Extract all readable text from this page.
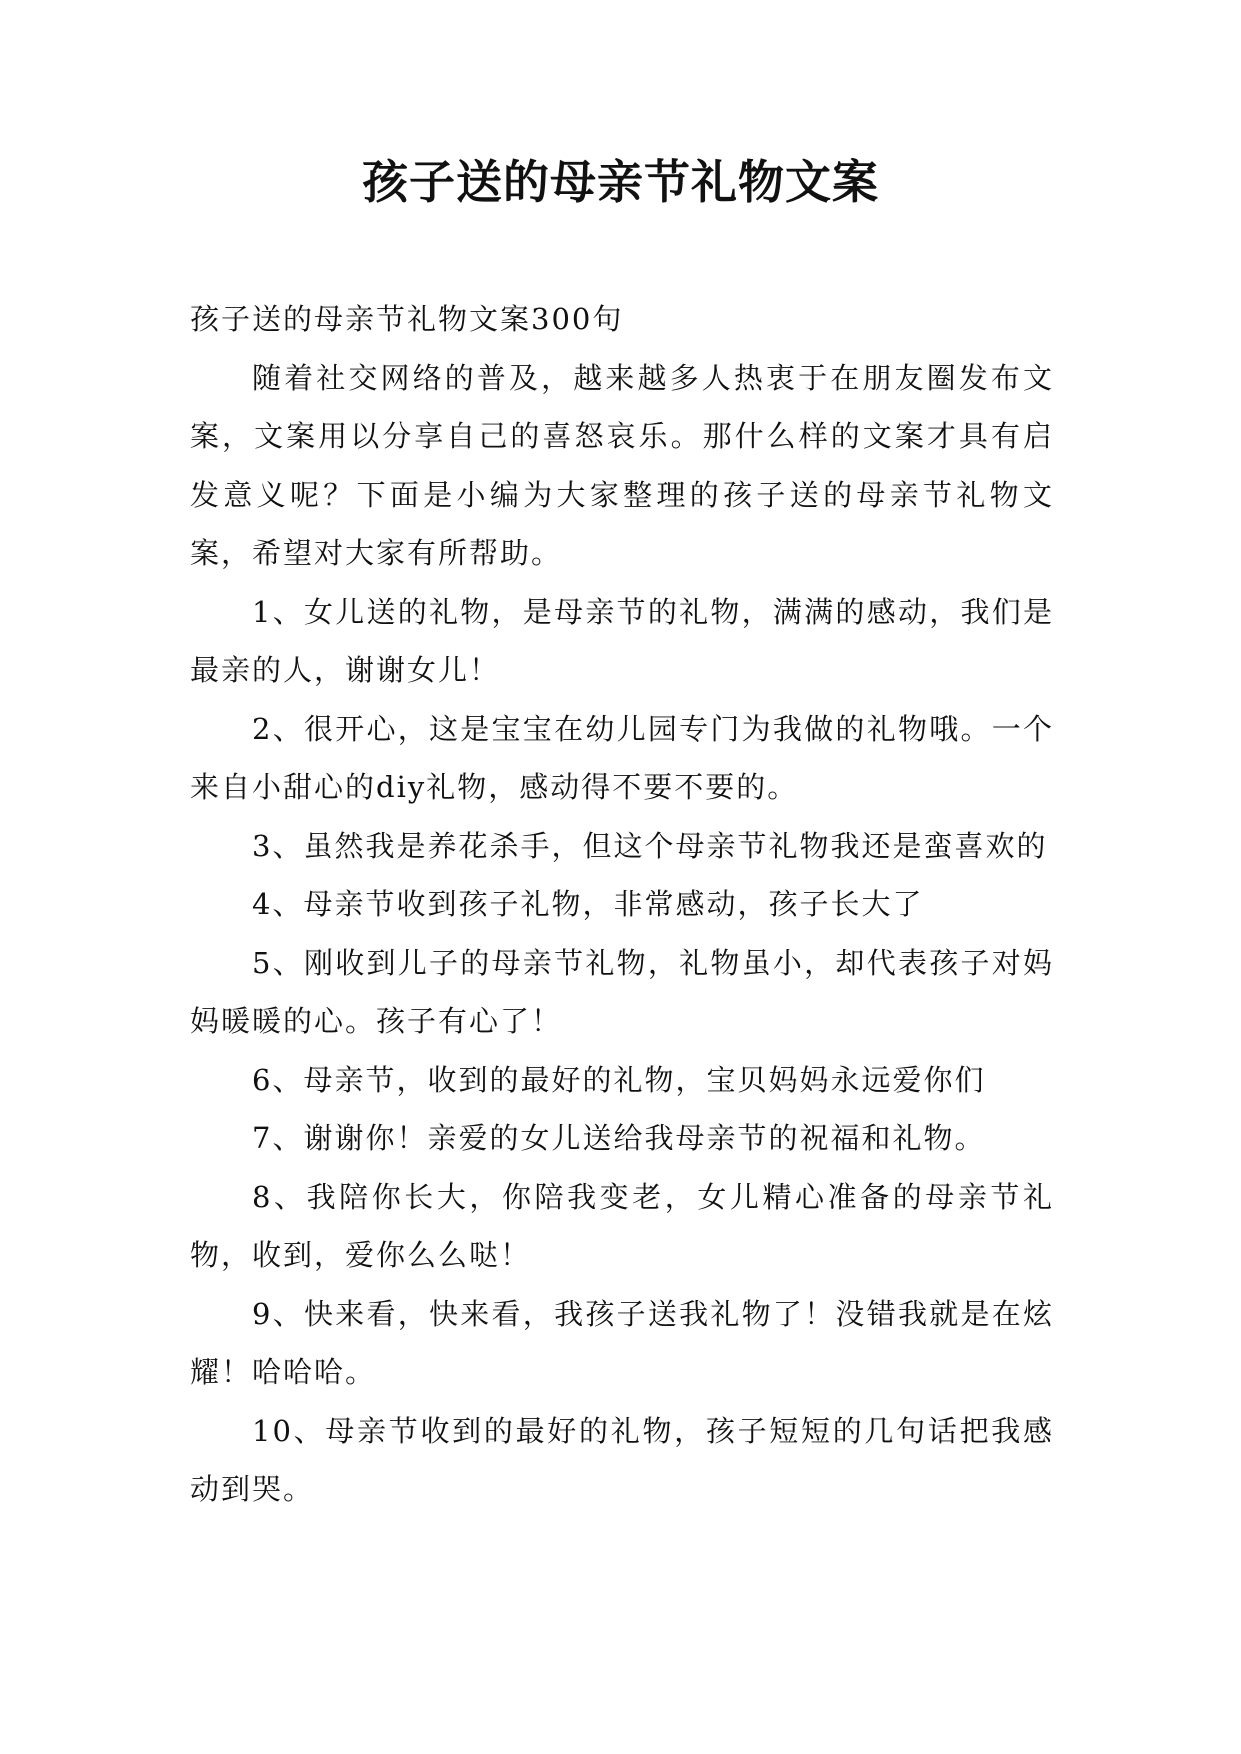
孩子送的母亲节礼物文案

孩子送的母亲节礼物文案300句

随着社交网络的普及，越来越多人热衷于在朋友圈发布文案，文案用以分享自己的喜怒哀乐。那什么样的文案才具有启发意义呢？下面是小编为大家整理的孩子送的母亲节礼物文案，希望对大家有所帮助。

1、女儿送的礼物，是母亲节的礼物，满满的感动，我们是最亲的人，谢谢女儿！

2、很开心，这是宝宝在幼儿园专门为我做的礼物哦。一个来自小甜心的diy礼物，感动得不要不要的。

3、虽然我是养花杀手，但这个母亲节礼物我还是蛮喜欢的

4、母亲节收到孩子礼物，非常感动，孩子长大了

5、刚收到儿子的母亲节礼物，礼物虽小，却代表孩子对妈妈暖暖的心。孩子有心了！

6、母亲节，收到的最好的礼物，宝贝妈妈永远爱你们

7、谢谢你！亲爱的女儿送给我母亲节的祝福和礼物。

8、我陪你长大，你陪我变老，女儿精心准备的母亲节礼物，收到，爱你么么哒！

9、快来看，快来看，我孩子送我礼物了！没错我就是在炫耀！哈哈哈。

10、母亲节收到的最好的礼物，孩子短短的几句话把我感动到哭。
